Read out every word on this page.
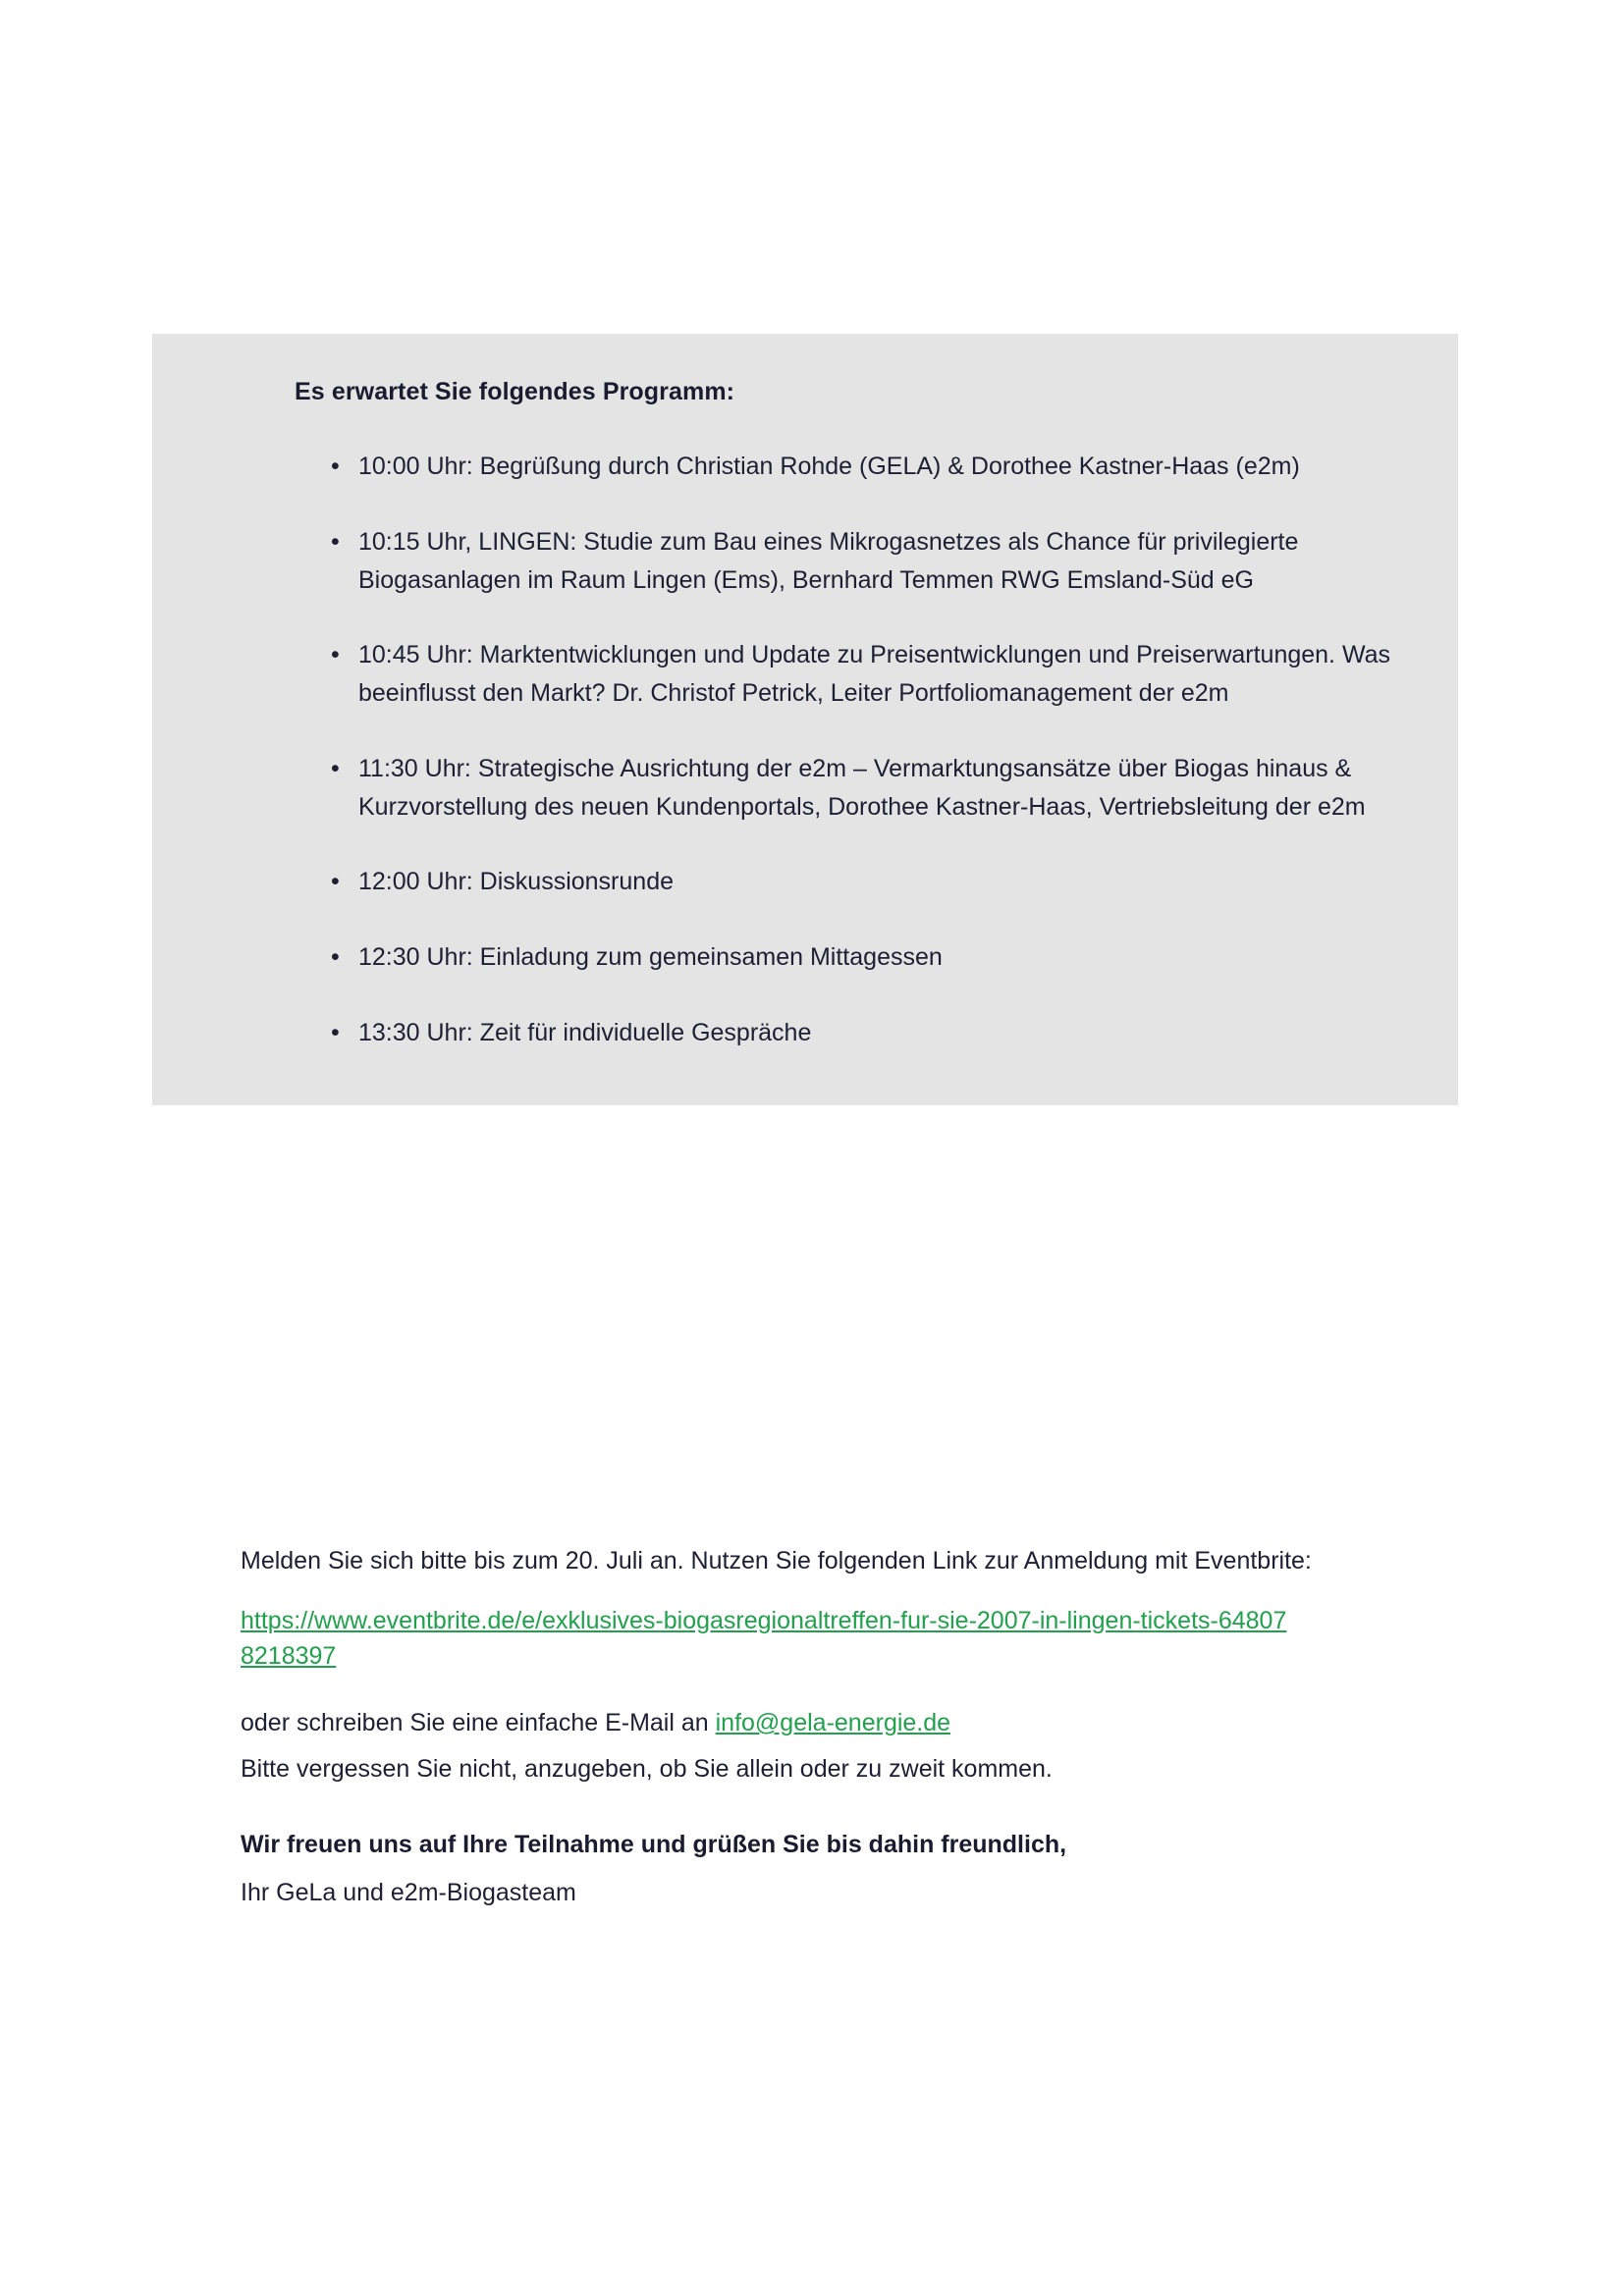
Es erwartet Sie folgendes Programm:
• 10:00 Uhr: Begrüßung durch Christian Rohde (GELA) & Dorothee Kastner-Haas (e2m)
• 10:15 Uhr, LINGEN: Studie zum Bau eines Mikrogasnetzes als Chance für privilegierte Biogasanlagen im Raum Lingen (Ems), Bernhard Temmen RWG Emsland-Süd eG
• 10:45 Uhr: Marktentwicklungen und Update zu Preisentwicklungen und Preiserwartungen. Was beeinflusst den Markt? Dr. Christof Petrick, Leiter Portfoliomanagement der e2m
• 11:30 Uhr: Strategische Ausrichtung der e2m – Vermarktungsansätze über Biogas hinaus & Kurzvorstellung des neuen Kundenportals, Dorothee Kastner-Haas, Vertriebsleitung der e2m
• 12:00 Uhr: Diskussionsrunde
• 12:30 Uhr: Einladung zum gemeinsamen Mittagessen
• 13:30 Uhr: Zeit für individuelle Gespräche

Melden Sie sich bitte bis zum 20. Juli an. Nutzen Sie folgenden Link zur Anmeldung mit Eventbrite:

https://www.eventbrite.de/e/exklusives-biogasregionaltreffen-fur-sie-2007-in-lingen-tickets-648078218397

oder schreiben Sie eine einfache E-Mail an info@gela-energie.de

Bitte vergessen Sie nicht, anzugeben, ob Sie allein oder zu zweit kommen.

Wir freuen uns auf Ihre Teilnahme und grüßen Sie bis dahin freundlich,

Ihr GeLa und e2m-Biogasteam
